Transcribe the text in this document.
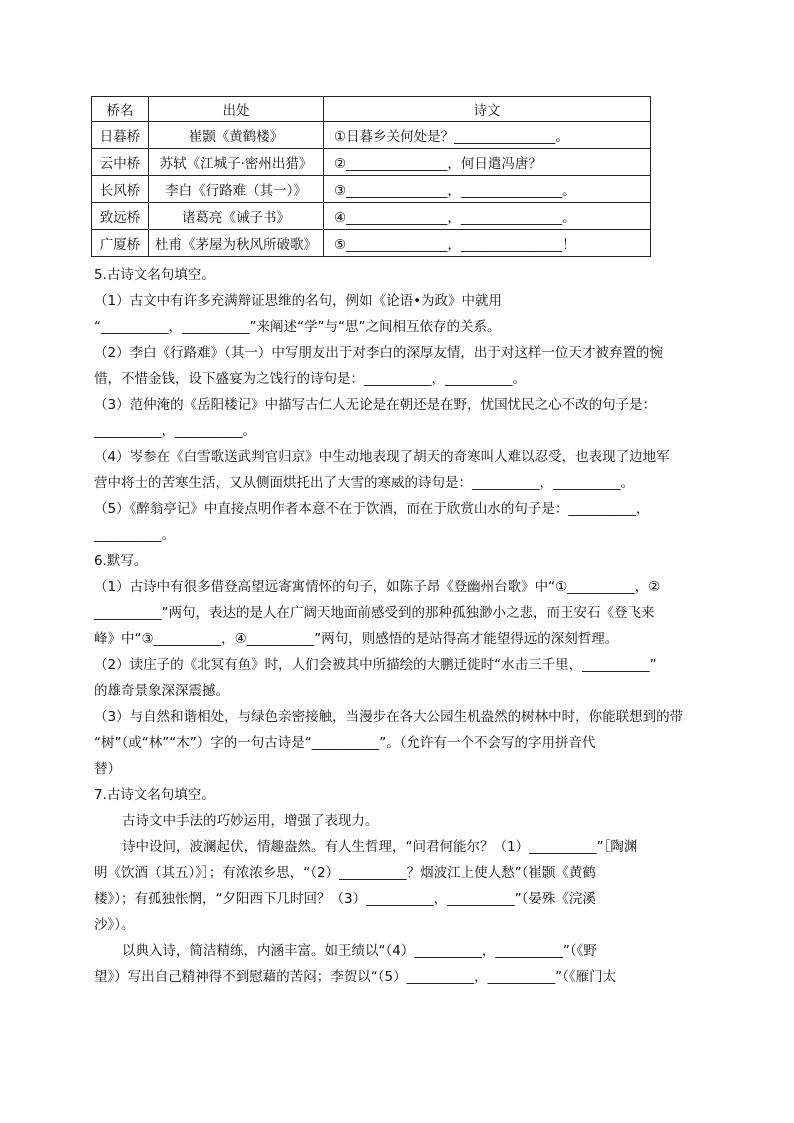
桥名	出处	诗文
日暮桥	崔颢《黄鹤楼》	①日暮乡关何处是？_______________。
云中桥	苏轼《江城子·密州出猎》	②_______________，何日遣冯唐？
长风桥	李白《行路难（其一）》	③_______________，_______________。
致远桥	诸葛亮《诫子书》	④_______________，_______________。
广厦桥	杜甫《茅屋为秋风所破歌》	⑤_______________，_______________！
5.古诗文名句填空。
（1）古文中有许多充满辩证思维的名句，例如《论语•为政》中就用
“__________，__________”来阐述“学”与“思”之间相互依存的关系。
（2）李白《行路难》（其一）中写朋友出于对李白的深厚友情，出于对这样一位天才被弃置的惋
惜，不惜金钱，设下盛宴为之饯行的诗句是：__________，__________。
（3）范仲淹的《岳阳楼记》中描写古仁人无论是在朝还是在野，忧国忧民之心不改的句子是：
__________，__________。
（4）岑参在《白雪歌送武判官归京》中生动地表现了胡天的奇寒叫人难以忍受，也表现了边地军
营中将士的苦寒生活，又从侧面烘托出了大雪的寒威的诗句是：__________，__________。
（5）《醉翁亭记》中直接点明作者本意不在于饮酒，而在于欣赏山水的句子是：__________，
__________。
6.默写。
（1）古诗中有很多借登高望远寄寓情怀的句子，如陈子昂《登幽州台歌》中“①__________，②
__________”两句，表达的是人在广阔天地面前感受到的那种孤独渺小之悲，而王安石《登飞来
峰》中“③__________，④__________”两句，则感悟的是站得高才能望得远的深刻哲理。
（2）读庄子的《北冥有鱼》时，人们会被其中所描绘的大鹏迁徙时“水击三千里，__________”
的雄奇景象深深震撼。
（3）与自然和谐相处，与绿色亲密接触，当漫步在各大公园生机盎然的树林中时，你能联想到的带
“树”（或“林”“木”）字的一句古诗是“__________”。（允许有一个不会写的字用拼音代
替）
7.古诗文名句填空。
古诗文中手法的巧妙运用，增强了表现力。
诗中设问，波澜起伏，情趣盎然。有人生哲理，“问君何能尔？（1）__________”［陶渊
明《饮酒（其五）》］；有浓浓乡思，“（2）__________？烟波江上使人愁”（崔颢《黄鹤
楼》）；有孤独怅惘，“夕阳西下几时回？（3）__________，__________”（晏殊《浣溪
沙》）。
以典入诗，简洁精练，内涵丰富。如王绩以“（4）__________，__________”（《野
望》）写出自己精神得不到慰藉的苦闷；李贺以“（5）__________，__________”（《雁门太
